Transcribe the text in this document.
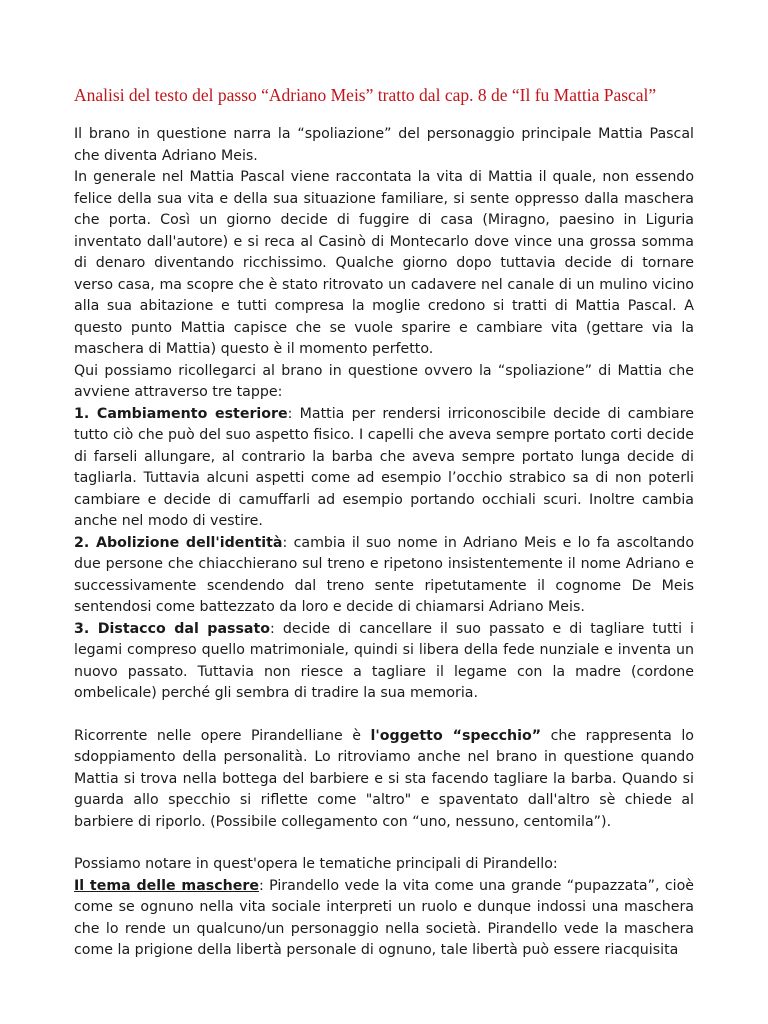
Analisi del testo del passo “Adriano Meis” tratto dal cap. 8 de “Il fu Mattia Pascal”

Il brano in questione narra la “spoliazione” del personaggio principale Mattia Pascal che diventa Adriano Meis.

In generale nel Mattia Pascal viene raccontata la vita di Mattia il quale, non essendo felice della sua vita e della sua situazione familiare, si sente oppresso dalla maschera che porta. Così un giorno decide di fuggire di casa (Miragno, paesino in Liguria inventato dall'autore) e si reca al Casinò di Montecarlo dove vince una grossa somma di denaro diventando ricchissimo. Qualche giorno dopo tuttavia decide di tornare verso casa, ma scopre che è stato ritrovato un cadavere nel canale di un mulino vicino alla sua abitazione e tutti compresa la moglie credono si tratti di Mattia Pascal. A questo punto Mattia capisce che se vuole sparire e cambiare vita (gettare via la maschera di Mattia) questo è il momento perfetto.

Qui possiamo ricollegarci al brano in questione ovvero la “spoliazione” di Mattia che avviene attraverso tre tappe:

1. Cambiamento esteriore: Mattia per rendersi irriconoscibile decide di cambiare tutto ciò che può del suo aspetto fisico. I capelli che aveva sempre portato corti decide di farseli allungare, al contrario la barba che aveva sempre portato lunga decide di tagliarla. Tuttavia alcuni aspetti come ad esempio l’occhio strabico sa di non poterli cambiare e decide di camuffarli ad esempio portando occhiali scuri. Inoltre cambia anche nel modo di vestire.

2. Abolizione dell'identità: cambia il suo nome in Adriano Meis e lo fa ascoltando due persone che chiacchierano sul treno e ripetono insistentemente il nome Adriano e successivamente scendendo dal treno sente ripetutamente il cognome De Meis sentendosi come battezzato da loro e decide di chiamarsi Adriano Meis.

3. Distacco dal passato: decide di cancellare il suo passato e di tagliare tutti i legami compreso quello matrimoniale, quindi si libera della fede nunziale e inventa un nuovo passato. Tuttavia non riesce a tagliare il legame con la madre (cordone ombelicale) perché gli sembra di tradire la sua memoria.

Ricorrente nelle opere Pirandelliane è l'oggetto “specchio” che rappresenta lo sdoppiamento della personalità. Lo ritroviamo anche nel brano in questione quando Mattia si trova nella bottega del barbiere e si sta facendo tagliare la barba. Quando si guarda allo specchio si riflette come "altro" e spaventato dall'altro sè chiede al barbiere di riporlo. (Possibile collegamento con “uno, nessuno, centomila”).

Possiamo notare in quest'opera le tematiche principali di Pirandello:

Il tema delle maschere: Pirandello vede la vita come una grande “pupazzata”, cioè come se ognuno nella vita sociale interpreti un ruolo e dunque indossi una maschera che lo rende un qualcuno/un personaggio nella società. Pirandello vede la maschera come la prigione della libertà personale di ognuno, tale libertà può essere riacquisita
